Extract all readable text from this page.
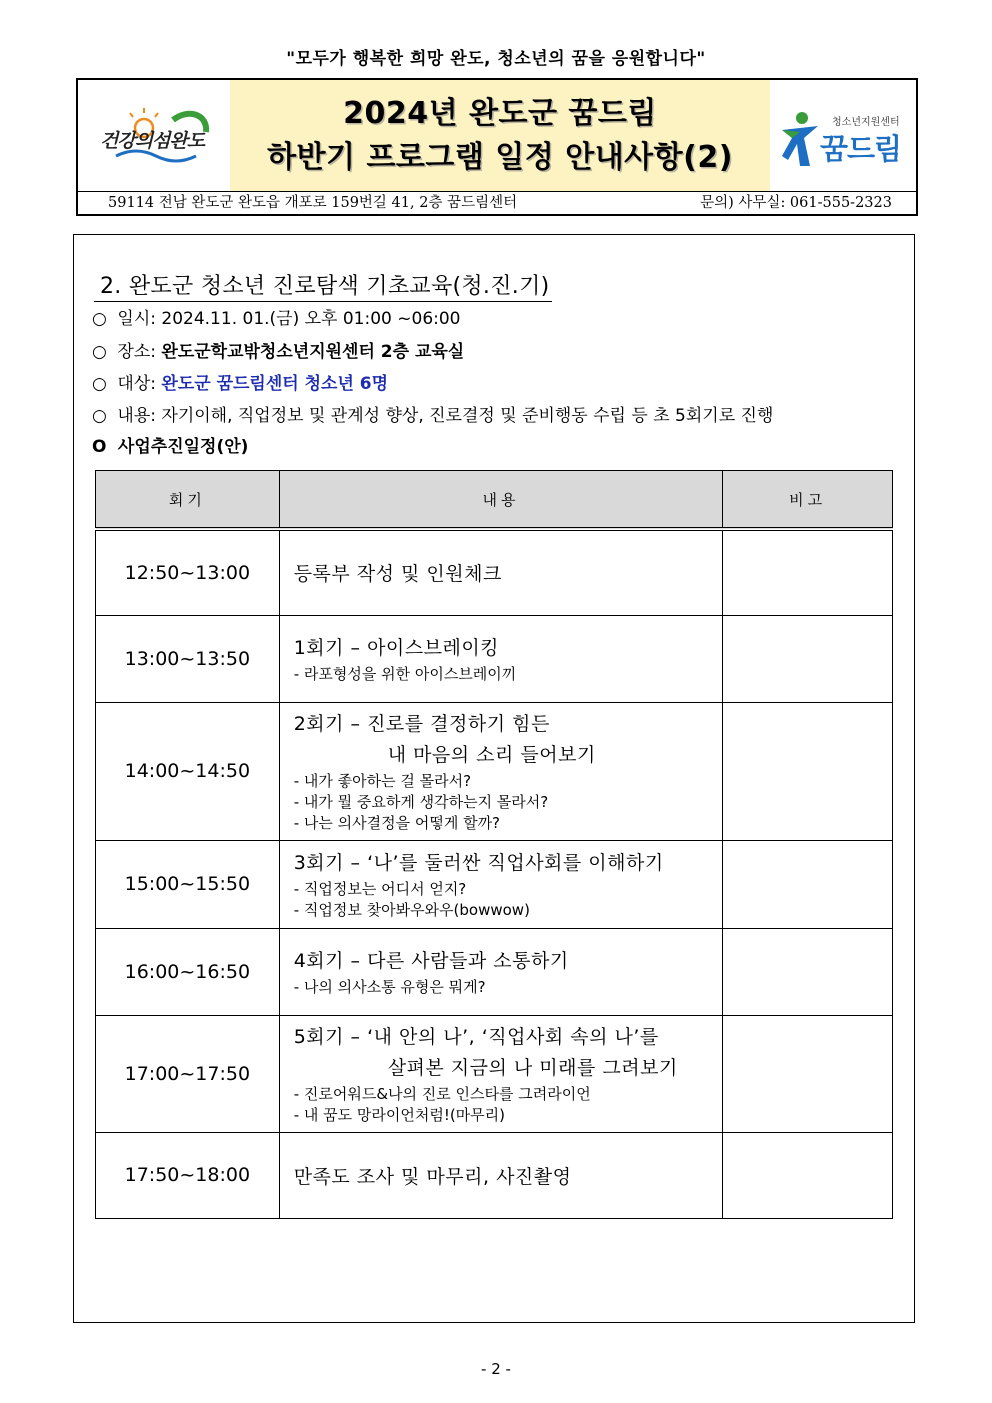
"모두가 행복한 희망 완도, 청소년의 꿈을 응원합니다"
건강의섬완도
2024년 완도군 꿈드림
하반기 프로그램 일정 안내사항(2)
청소년지원센터
꿈드림
59114 전남 완도군 완도읍 개포로 159번길 41, 2층 꿈드림센터	문의) 사무실: 061-555-2323
2. 완도군 청소년 진로탐색 기초교육(청.진.기)
○ 일시: 2024.11. 01.(금) 오후 01:00 ~06:00
○ 장소: 완도군학교밖청소년지원센터 2층 교육실
○ 대상: 완도군 꿈드림센터 청소년 6명
○ 내용: 자기이해, 직업정보 및 관계성 향상, 진로결정 및 준비행동 수립 등 초 5회기로 진행
O 사업추진일정(안)
회기	내용	비고
12:50~13:00	등록부 작성 및 인원체크	

13:00~13:50	1회기 – 아이스브레이킹
- 라포형성을 위한 아이스브레이끼	

14:00~14:50	2회기 – 진로를 결정하기 힘든
내 마음의 소리 들어보기
- 내가 좋아하는 걸 몰라서?
- 내가 뭘 중요하게 생각하는지 몰라서?
- 나는 의사결정을 어떻게 할까?	

15:00~15:50	3회기 – ‘나’를 둘러싼 직업사회를 이해하기
- 직업정보는 어디서 얻지?
- 직업정보 찾아봐우와우(bowwow)	

16:00~16:50	4회기 – 다른 사람들과 소통하기
- 나의 의사소통 유형은 뭐게?	

17:00~17:50	5회기 – ‘내 안의 나’, ‘직업사회 속의 나’를
살펴본 지금의 나 미래를 그려보기
- 진로어워드&나의 진로 인스타를 그려라이언
- 내 꿈도 망라이언처럼!(마무리)	

17:50~18:00	만족도 조사 및 마무리, 사진촬영	

- 2 -
